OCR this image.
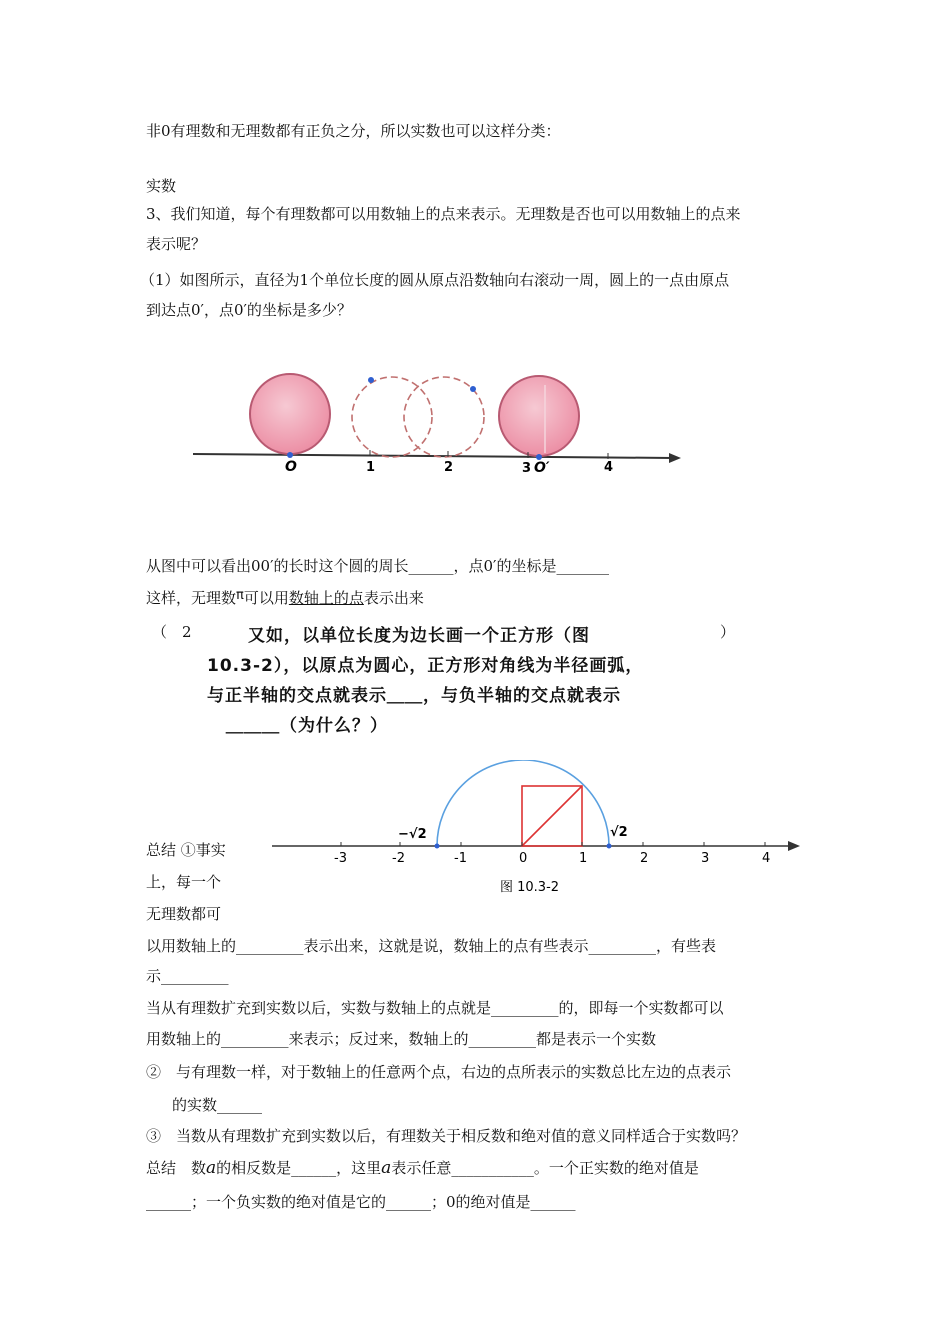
非0有理数和无理数都有正负之分，所以实数也可以这样分类：
实数
3、我们知道，每个有理数都可以用数轴上的点来表示。无理数是否也可以用数轴上的点来
表示呢？
（1）如图所示，直径为1个单位长度的圆从原点沿数轴向右滚动一周，圆上的一点由原点
到达点0′，点0′的坐标是多少？
O	1	2	3 O′	4
从图中可以看出00′的长时这个圆的周长______，点0′的坐标是_______
这样，无理数π可以用数轴上的点表示出来
（　2	）
又如，以单位长度为边长画一个正方形（图
10.3-2），以原点为圆心，正方形对角线为半径画弧，
与正半轴的交点就表示＿＿，与负半轴的交点就表示
＿＿＿（为什么？）
-3	-2	-1	0	1	2	3	4
−√2	√2
图 10.3-2
总结 ①事实
上，每一个
无理数都可
以用数轴上的_________表示出来，这就是说，数轴上的点有些表示_________，有些表
示_________
当从有理数扩充到实数以后，实数与数轴上的点就是_________的，即每一个实数都可以
用数轴上的_________来表示；反过来，数轴上的_________都是表示一个实数
②　与有理数一样，对于数轴上的任意两个点，右边的点所表示的实数总比左边的点表示
的实数______
③　当数从有理数扩充到实数以后，有理数关于相反数和绝对值的意义同样适合于实数吗？
总结　数a的相反数是______，这里a表示任意___________。一个正实数的绝对值是
______；一个负实数的绝对值是它的______；0的绝对值是______
